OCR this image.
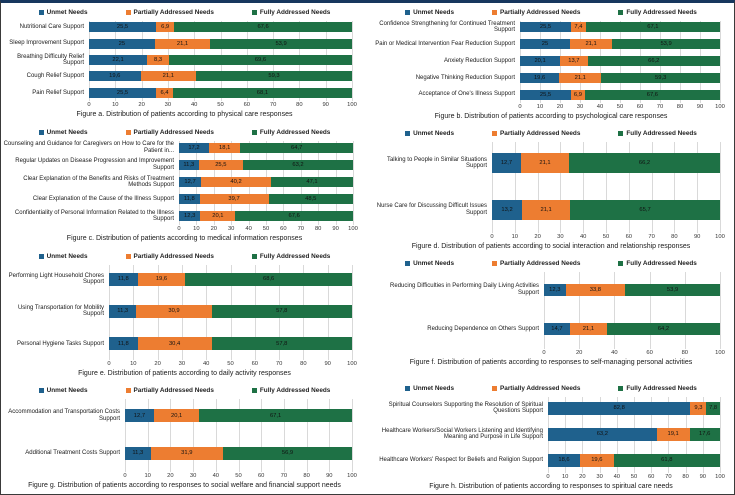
Unmet Needs	Partially Addressed Needs	Fully Addressed Needs
Nutritional Care Support	25,5	6,9	67,6
Sleep Improvement Support	25	21,1	53,9
Breathing Difficulty Relief Support	22,1	8,3	69,6
Cough Relief Support	19,6	21,1	59,3
Pain Relief Support	25,5	6,4	68,1
0	10	20	30	40	50	60	70	80	90	100
Figure a. Distribution of patients according to physical care responses
Unmet Needs	Partially Addressed Needs	Fully Addressed Needs
Confidence Strengthening for Continued Treatment Support	25,5	7,4	67,1
Pain or Medical Intervention Fear Reduction Support	25	21,1	53,9
Anxiety Reduction Support	20,1	13,7	66,2
Negative Thinking Reduction Support	19,6	21,1	59,3
Acceptance of One's Illness Support	25,5	6,9	67,6
0	10 20 30 40 50 60 70 80 90 100
Figure b. Distribution of patients according to psychological care responses
Unmet Needs	Partially Addressed Needs	Fully Addressed Needs
Counseling and Guidance for Caregivers on How to Care for the Patient in...	17,2	18,1	64,7
Regular Updates on Disease Progression and Improvement Support	11,3	25,5	63,2
Clear Explanation of the Benefits and Risks of Treatment Methods Support	12,7	40,2	47,1
Clear Explanation of the Cause of the Illness Support	11,8	39,7	48,5
Confidentiality of Personal Information Related to the Illness Support	12,3	20,1	67,6
0 10 20 30 40 50 60 70 80 90 100
Figure c. Distribution of patients according to medical information responses
Unmet Needs	Partially Addressed Needs	Fully Addressed Needs
Talking to People in Similar Situations Support	12,7	21,1	66,2
Nurse Care for Discussing Difficult Issues Support	13,2	21,1	65,7
0	10	20	30	40	50	60	70	80	90	100
Figure d. Distribution of patients according to social interaction and relationship responses
Unmet Needs	Partially Addressed Needs	Fully Addressed Needs
Performing Light Household Chores Support	11,8	19,6	68,6
Using Transportation for Mobility Support	11,3	30,9	57,8
Personal Hygiene Tasks Support	11,8	30,4	57,8
0	10	20	30	40	50	60	70	80	90	100
Figure e. Distribution of patients according to daily activity responses
Unmet Needs	Partially Addressed Needs	Fully Addressed Needs
Reducing Difficulties in Performing Daily Living Activities Support	12,3	33,8	53,9
Reducing Dependence on Others Support	14,7	21,1	64,2
0	20	40	60	80	100
Figure f. Distribution of patients according to responses to self-managing personal activities
Unmet Needs	Partially Addressed Needs	Fully Addressed Needs
Accommodation and Transportation Costs Support	12,7	20,1	67,1
Additional Treatment Costs Support	11,3	31,9	56,9
0	10	20	30	40	50	60	70	80	90	100
Figure g. Distribution of patients according to responses to social welfare and financial support needs
Unmet Needs	Partially Addressed Needs	Fully Addressed Needs
Spiritual Counselors Supporting the Resolution of Spiritual Questions Support	82,8	9,3 7,8
Healthcare Workers/Social Workers Listening and Identifying Meaning and Purpose in Life Support	63,2	19,1	17,6
Healthcare Workers' Respect for Beliefs and Religion Support	18,6	19,6	61,8
0 10 20 30 40 50 60 70 80 90 100
Figure h. Distribution of patients according to responses to spiritual care needs
